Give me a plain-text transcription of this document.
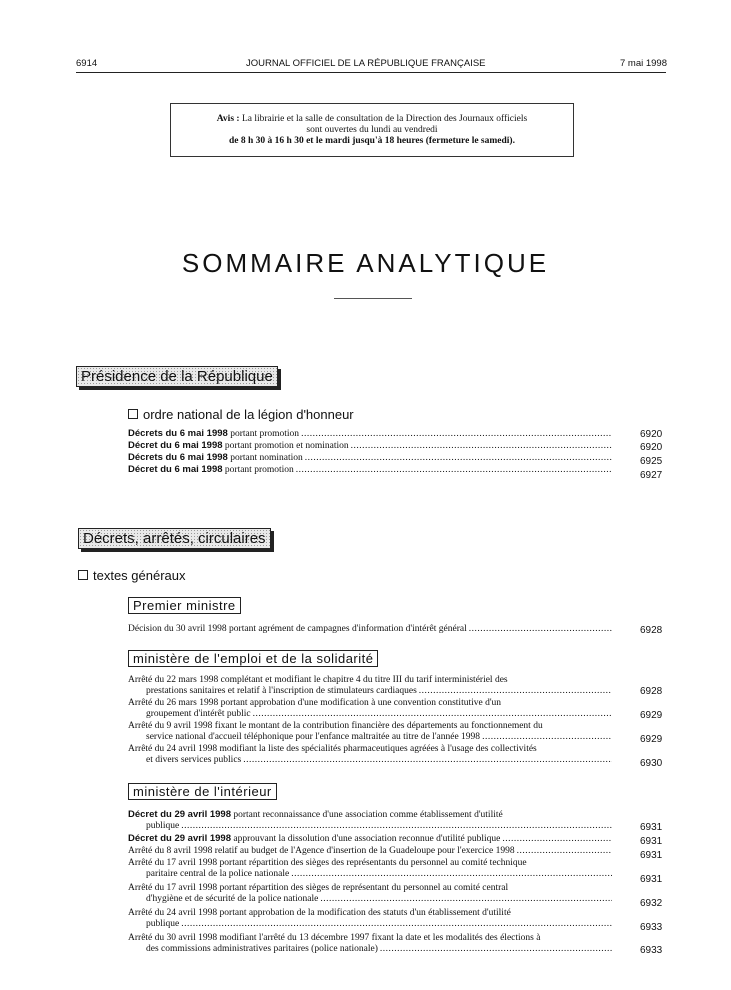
6914	JOURNAL OFFICIEL DE LA RÉPUBLIQUE FRANÇAISE	7 mai 1998
Avis : La librairie et la salle de consultation de la Direction des Journaux officiels
sont ouvertes du lundi au vendredi
de 8 h 30 à 16 h 30 et le mardi jusqu'à 18 heures (fermeture le samedi).
SOMMAIRE ANALYTIQUE
Présidence de la République
ordre national de la légion d'honneur
Décrets du 6 mai 1998 portant promotion
.....
Décret du 6 mai 1998 portant promotion et nomination
.....
Décrets du 6 mai 1998 portant nomination
.....
Décret du 6 mai 1998 portant promotion
.....
6920
6920
6925
6927
Décrets, arrêtés, circulaires
textes généraux
Premier ministre
Décision du 30 avril 1998 portant agrément de campagnes d'information d'intérêt général
.....	6928
ministère de l'emploi et de la solidarité
Arrêté du 22 mars 1998 complétant et modifiant le chapitre 4 du titre III du tarif interministériel des
prestations sanitaires et relatif à l'inscription de stimulateurs cardiaques
.....
Arrêté du 26 mars 1998 portant approbation d'une modification à une convention constitutive d'un
groupement d'intérêt public
.....
Arrêté du 9 avril 1998 fixant le montant de la contribution financière des départements au fonctionnement du
service national d'accueil téléphonique pour l'enfance maltraitée au titre de l'année 1998
.....
Arrêté du 24 avril 1998 modifiant la liste des spécialités pharmaceutiques agréées à l'usage des collectivités
et divers services publics
.....
6928
6929
6929
6930
ministère de l'intérieur
Décret du 29 avril 1998 portant reconnaissance d'une association comme établissement d'utilité
publique
.....
Décret du 29 avril 1998 approuvant la dissolution d'une association reconnue d'utilité publique
.....
Arrêté du 8 avril 1998 relatif au budget de l'Agence d'insertion de la Guadeloupe pour l'exercice 1998
.....
Arrêté du 17 avril 1998 portant répartition des sièges des représentants du personnel au comité technique
paritaire central de la police nationale
.....
Arrêté du 17 avril 1998 portant répartition des sièges de représentant du personnel au comité central
d'hygiène et de sécurité de la police nationale
.....
Arrêté du 24 avril 1998 portant approbation de la modification des statuts d'un établissement d'utilité
publique
.....
Arrêté du 30 avril 1998 modifiant l'arrêté du 13 décembre 1997 fixant la date et les modalités des élections à
des commissions administratives paritaires (police nationale)
.....
6931
6931
6931
6931
6932
6933
6933
